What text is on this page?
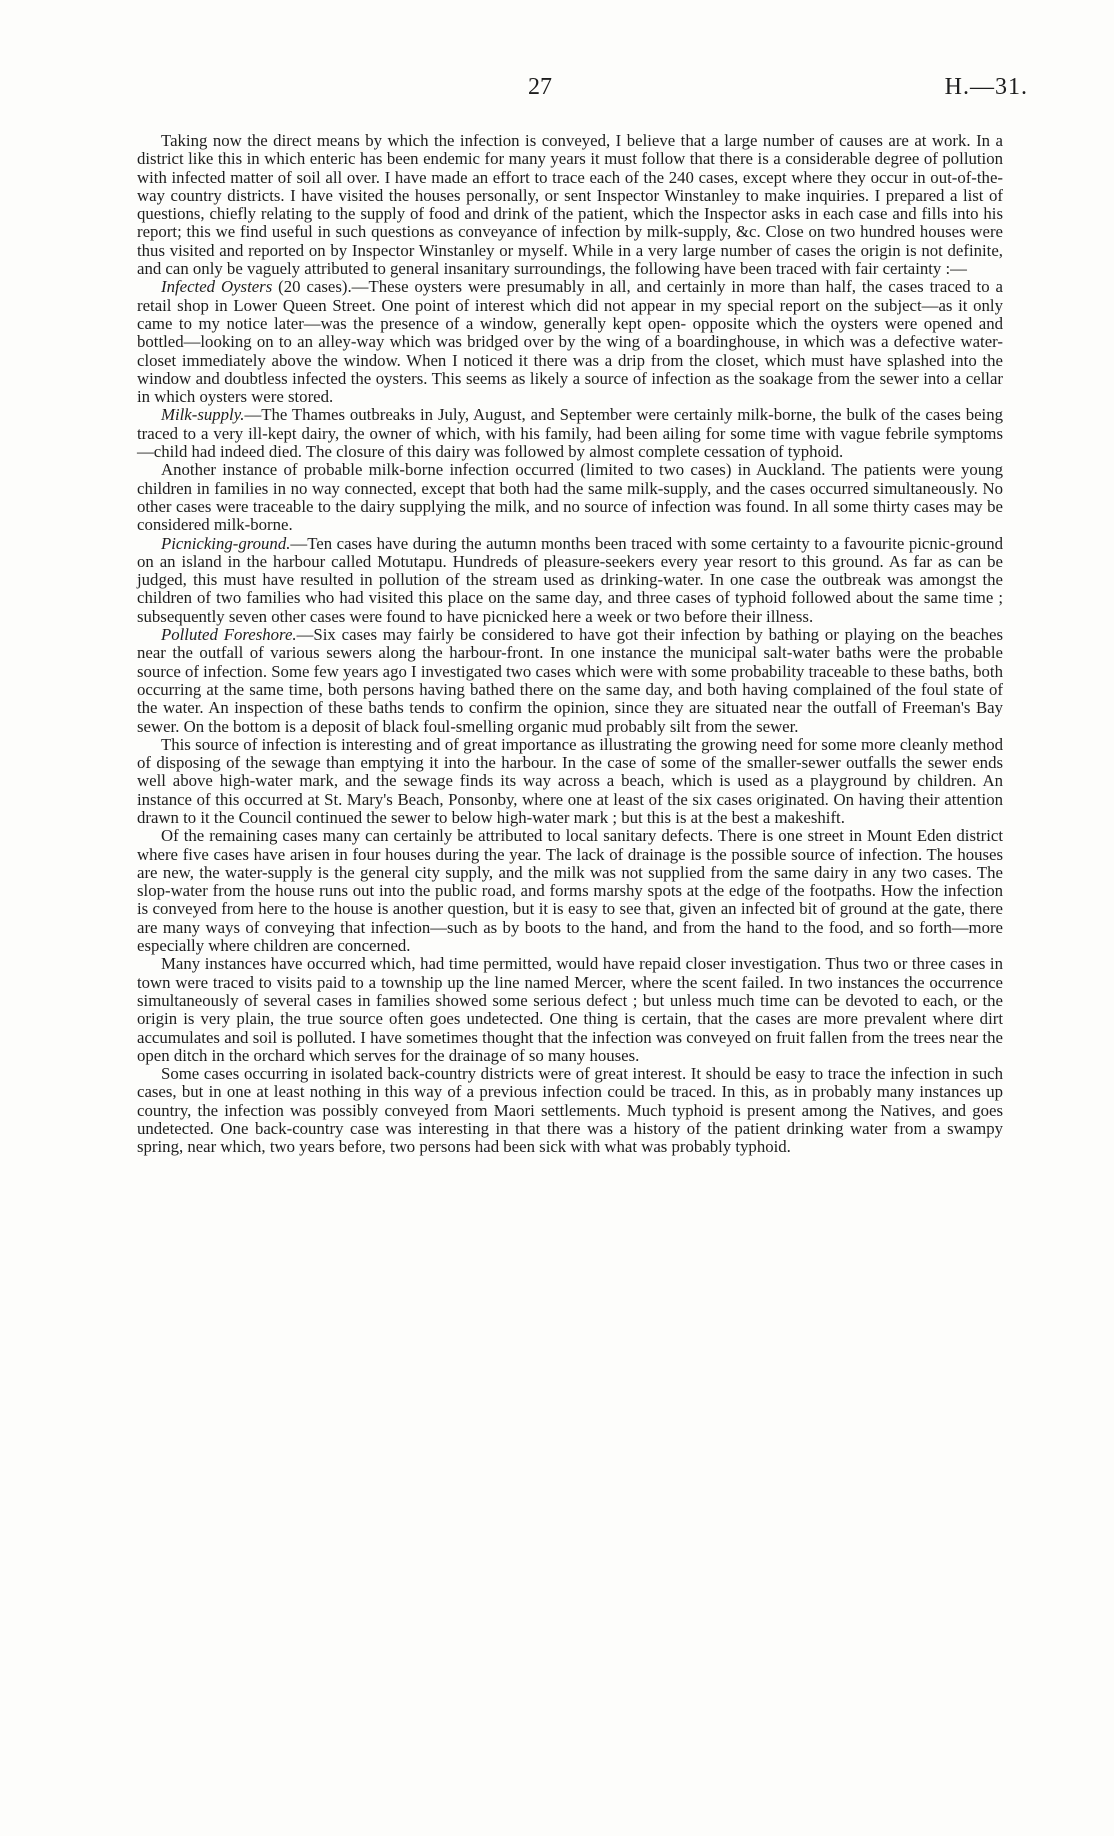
27	H.—31.

Taking now the direct means by which the infection is conveyed, I believe that a large number of causes are at work. In a district like this in which enteric has been endemic for many years it must follow that there is a considerable degree of pollution with infected matter of soil all over. I have made an effort to trace each of the 240 cases, except where they occur in out-of-the-way country districts. I have visited the houses personally, or sent Inspector Winstanley to make inquiries. I prepared a list of questions, chiefly relating to the supply of food and drink of the patient, which the Inspector asks in each case and fills into his report; this we find useful in such questions as conveyance of infection by milk-supply, &c. Close on two hundred houses were thus visited and reported on by Inspector Winstanley or myself. While in a very large number of cases the origin is not definite, and can only be vaguely attributed to general insanitary surroundings, the following have been traced with fair certainty :—

Infected Oysters (20 cases).—These oysters were presumably in all, and certainly in more than half, the cases traced to a retail shop in Lower Queen Street. One point of interest which did not appear in my special report on the subject—as it only came to my notice later—was the presence of a window, generally kept open- opposite which the oysters were opened and bottled—looking on to an alley-way which was bridged over by the wing of a boardinghouse, in which was a defective water-closet immediately above the window. When I noticed it there was a drip from the closet, which must have splashed into the window and doubtless infected the oysters. This seems as likely a source of infection as the soakage from the sewer into a cellar in which oysters were stored.

Milk-supply.—The Thames outbreaks in July, August, and September were certainly milk-borne, the bulk of the cases being traced to a very ill-kept dairy, the owner of which, with his family, had been ailing for some time with vague febrile symptoms—child had indeed died. The closure of this dairy was followed by almost complete cessation of typhoid.

Another instance of probable milk-borne infection occurred (limited to two cases) in Auckland. The patients were young children in families in no way connected, except that both had the same milk-supply, and the cases occurred simultaneously. No other cases were traceable to the dairy supplying the milk, and no source of infection was found. In all some thirty cases may be considered milk-borne.

Picnicking-ground.—Ten cases have during the autumn months been traced with some certainty to a favourite picnic-ground on an island in the harbour called Motutapu. Hundreds of pleasure-seekers every year resort to this ground. As far as can be judged, this must have resulted in pollution of the stream used as drinking-water. In one case the outbreak was amongst the children of two families who had visited this place on the same day, and three cases of typhoid followed about the same time ; subsequently seven other cases were found to have picnicked here a week or two before their illness.

Polluted Foreshore.—Six cases may fairly be considered to have got their infection by bathing or playing on the beaches near the outfall of various sewers along the harbour-front. In one instance the municipal salt-water baths were the probable source of infection. Some few years ago I investigated two cases which were with some probability traceable to these baths, both occurring at the same time, both persons having bathed there on the same day, and both having complained of the foul state of the water. An inspection of these baths tends to confirm the opinion, since they are situated near the outfall of Freeman's Bay sewer. On the bottom is a deposit of black foul-smelling organic mud probably silt from the sewer.

This source of infection is interesting and of great importance as illustrating the growing need for some more cleanly method of disposing of the sewage than emptying it into the harbour. In the case of some of the smaller-sewer outfalls the sewer ends well above high-water mark, and the sewage finds its way across a beach, which is used as a playground by children. An instance of this occurred at St. Mary's Beach, Ponsonby, where one at least of the six cases originated. On having their attention drawn to it the Council continued the sewer to below high-water mark ; but this is at the best a makeshift.

Of the remaining cases many can certainly be attributed to local sanitary defects. There is one street in Mount Eden district where five cases have arisen in four houses during the year. The lack of drainage is the possible source of infection. The houses are new, the water-supply is the general city supply, and the milk was not supplied from the same dairy in any two cases. The slop-water from the house runs out into the public road, and forms marshy spots at the edge of the footpaths. How the infection is conveyed from here to the house is another question, but it is easy to see that, given an infected bit of ground at the gate, there are many ways of conveying that infection—such as by boots to the hand, and from the hand to the food, and so forth—more especially where children are concerned.

Many instances have occurred which, had time permitted, would have repaid closer investigation. Thus two or three cases in town were traced to visits paid to a township up the line named Mercer, where the scent failed. In two instances the occurrence simultaneously of several cases in families showed some serious defect ; but unless much time can be devoted to each, or the origin is very plain, the true source often goes undetected. One thing is certain, that the cases are more prevalent where dirt accumulates and soil is polluted. I have sometimes thought that the infection was conveyed on fruit fallen from the trees near the open ditch in the orchard which serves for the drainage of so many houses.

Some cases occurring in isolated back-country districts were of great interest. It should be easy to trace the infection in such cases, but in one at least nothing in this way of a previous infection could be traced. In this, as in probably many instances up country, the infection was possibly conveyed from Maori settlements. Much typhoid is present among the Natives, and goes undetected. One back-country case was interesting in that there was a history of the patient drinking water from a swampy spring, near which, two years before, two persons had been sick with what was probably typhoid.
